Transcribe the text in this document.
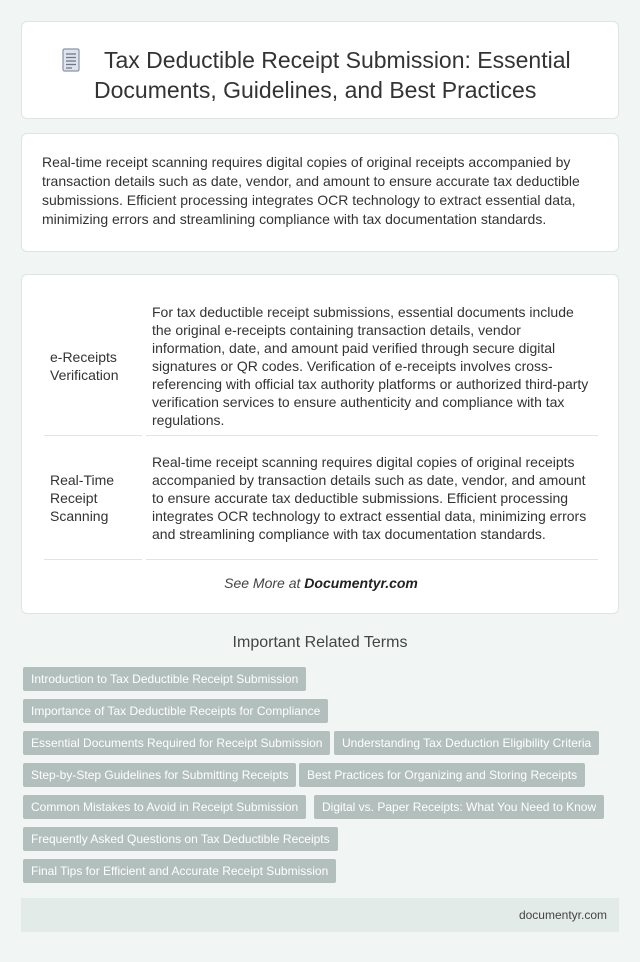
Tax Deductible Receipt Submission: Essential
Documents, Guidelines, and Best Practices

Real-time receipt scanning requires digital copies of original receipts accompanied by transaction details such as date, vendor, and amount to ensure accurate tax deductible submissions. Efficient processing integrates OCR technology to extract essential data, minimizing errors and streamlining compliance with tax documentation standards.

e-Receipts Verification	For tax deductible receipt submissions, essential documents include the original e-receipts containing transaction details, vendor information, date, and amount paid verified through secure digital signatures or QR codes. Verification of e-receipts involves cross-referencing with official tax authority platforms or authorized third-party verification services to ensure authenticity and compliance with tax regulations.
Real-Time Receipt Scanning	Real-time receipt scanning requires digital copies of original receipts accompanied by transaction details such as date, vendor, and amount to ensure accurate tax deductible submissions. Efficient processing integrates OCR technology to extract essential data, minimizing errors and streamlining compliance with tax documentation standards.
See More at Documentyr.com
Important Related Terms
Introduction to Tax Deductible Receipt Submission
Importance of Tax Deductible Receipts for Compliance
Essential Documents Required for Receipt Submission	Understanding Tax Deduction Eligibility Criteria
Step-by-Step Guidelines for Submitting Receipts	Best Practices for Organizing and Storing Receipts
Common Mistakes to Avoid in Receipt Submission	Digital vs. Paper Receipts: What You Need to Know
Frequently Asked Questions on Tax Deductible Receipts
Final Tips for Efficient and Accurate Receipt Submission
documentyr.com
